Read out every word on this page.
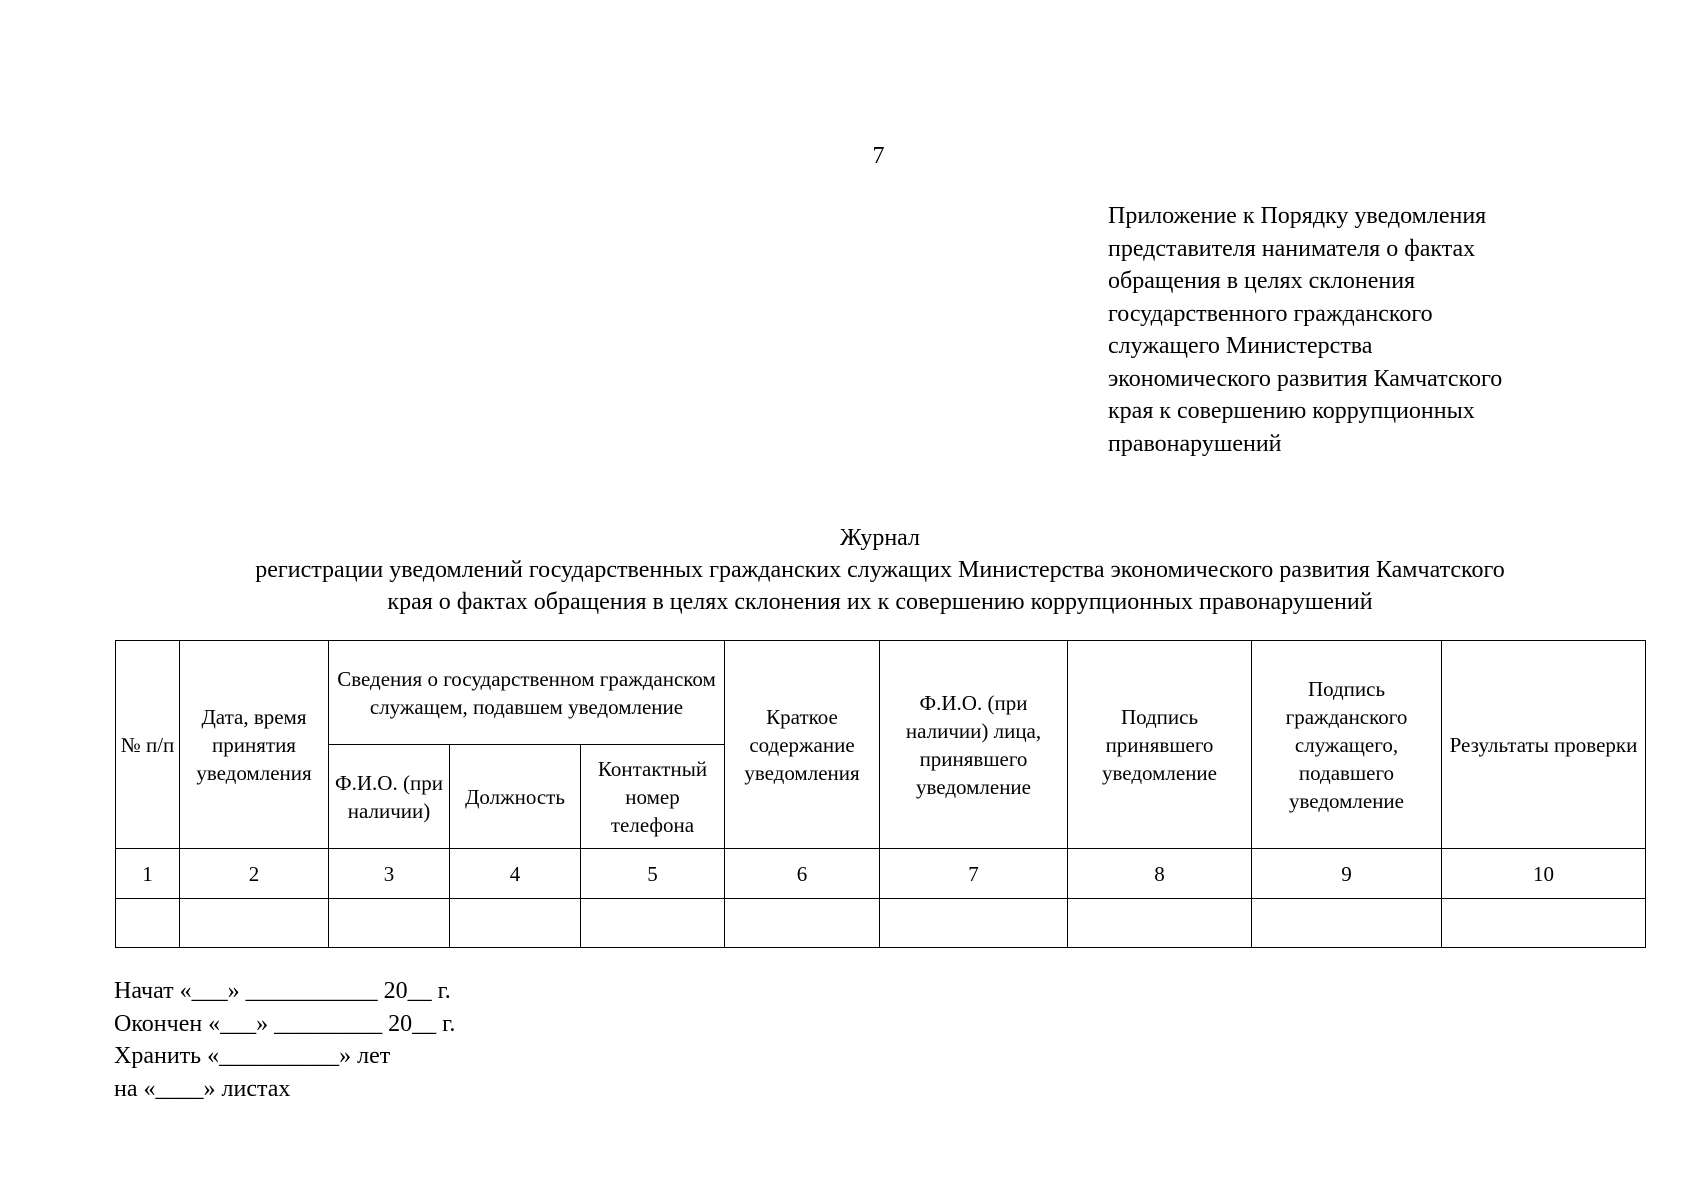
7
Приложение к Порядку уведомления
представителя нанимателя о фактах
обращения в целях склонения
государственного гражданского
служащего Министерства
экономического развития Камчатского
края к совершению коррупционных
правонарушений
Журнал
регистрации уведомлений государственных гражданских служащих Министерства экономического развития Камчатского
края о фактах обращения в целях склонения их к совершению коррупционных правонарушений
№ п/п	Дата, время принятия уведомления	Сведения о государственном гражданском служащем, подавшем уведомление			Краткое содержание уведомления	Ф.И.О. (при наличии) лица, принявшего уведомление	Подпись принявшего уведомление	Подпись гражданского служащего, подавшего уведомление	Результаты проверки
		Ф.И.О. (при наличии)	Должность	Контактный номер телефона					
1	2	3	4	5	6	7	8	9	10

Начат «___» ___________ 20__ г.
Окончен «___» _________ 20__ г.
Хранить «__________» лет
на «____» листах
